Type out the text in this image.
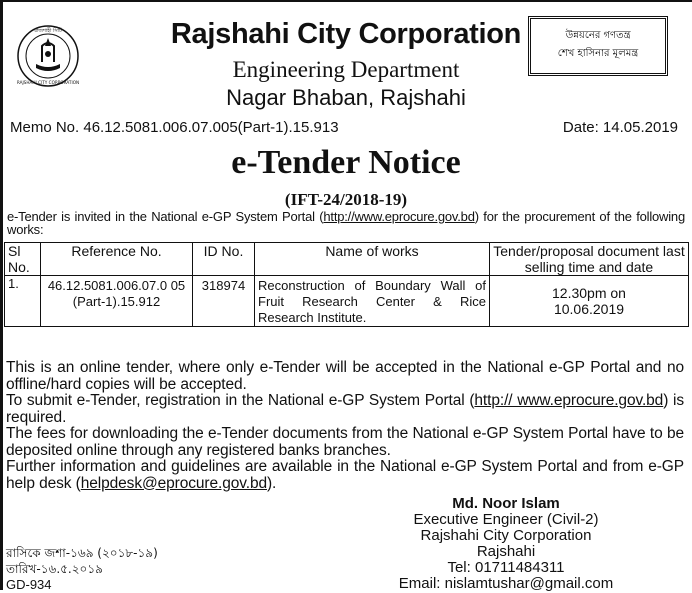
রাজশাহী সিটি
RAJSHAHI CITY CORPORATION
Rajshahi City Corporation
Engineering Department
Nagar Bhaban, Rajshahi
উন্নয়নের গণতন্ত্র
শেখ হাসিনার মূলমন্ত্র
Memo No. 46.12.5081.006.07.005(Part-1).15.913	Date: 14.05.2019
e-Tender Notice
(IFT-24/2018-19)
e-Tender is invited in the National e-GP System Portal (http://www.eprocure.gov.bd) for the procurement of the following works:
Sl No.	Reference No.	ID No.	Name of works	Tender/proposal document last selling time and date
1.	46.12.5081.006.07.0 05 (Part-1).15.912	318974	Reconstruction of Boundary Wall of Fruit Research Center & Rice Research Institute.	12.30pm on
10.06.2019

This is an online tender, where only e-Tender will be accepted in the National e-GP Portal and no offline/hard copies will be accepted.

To submit e-Tender, registration in the National e-GP System Portal (http:// www.eprocure.gov.bd) is required.

The fees for downloading the e-Tender documents from the National e-GP System Portal have to be deposited online through any registered banks branches.

Further information and guidelines are available in the National e-GP System Portal and from e-GP help desk (helpdesk@eprocure.gov.bd).

Md. Noor Islam
Executive Engineer (Civil-2)
Rajshahi City Corporation
Rajshahi
Tel: 01711484311
Email: nislamtushar@gmail.com
রাসিকে জশা-১৬৯ (২০১৮-১৯)
তারিখ-১৬.৫.২০১৯
GD-934
